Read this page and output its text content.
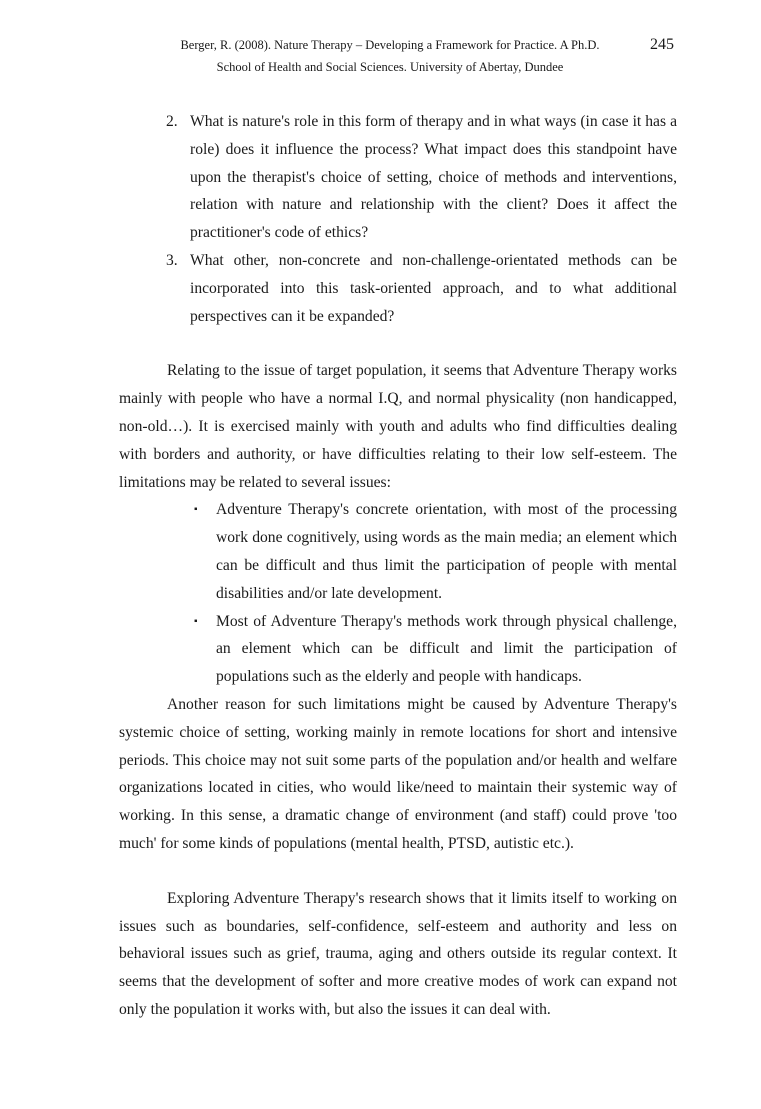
Berger, R. (2008). Nature Therapy – Developing a Framework for Practice. A Ph.D.
School of Health and Social Sciences. University of Abertay, Dundee
245
2. What is nature's role in this form of therapy and in what ways (in case it has a role) does it influence the process? What impact does this standpoint have upon the therapist's choice of setting, choice of methods and interventions, relation with nature and relationship with the client? Does it affect the practitioner's code of ethics?
3. What other, non-concrete and non-challenge-orientated methods can be incorporated into this task-oriented approach, and to what additional perspectives can it be expanded?

Relating to the issue of target population, it seems that Adventure Therapy works mainly with people who have a normal I.Q, and normal physicality (non handicapped, non-old…). It is exercised mainly with youth and adults who find difficulties dealing with borders and authority, or have difficulties relating to their low self-esteem. The limitations may be related to several issues:

▪ Adventure Therapy's concrete orientation, with most of the processing work done cognitively, using words as the main media; an element which can be difficult and thus limit the participation of people with mental disabilities and/or late development.
▪ Most of Adventure Therapy's methods work through physical challenge, an element which can be difficult and limit the participation of populations such as the elderly and people with handicaps.

Another reason for such limitations might be caused by Adventure Therapy's systemic choice of setting, working mainly in remote locations for short and intensive periods. This choice may not suit some parts of the population and/or health and welfare organizations located in cities, who would like/need to maintain their systemic way of working. In this sense, a dramatic change of environment (and staff) could prove 'too much' for some kinds of populations (mental health, PTSD, autistic etc.).

Exploring Adventure Therapy's research shows that it limits itself to working on issues such as boundaries, self-confidence, self-esteem and authority and less on behavioral issues such as grief, trauma, aging and others outside its regular context. It seems that the development of softer and more creative modes of work can expand not only the population it works with, but also the issues it can deal with.
